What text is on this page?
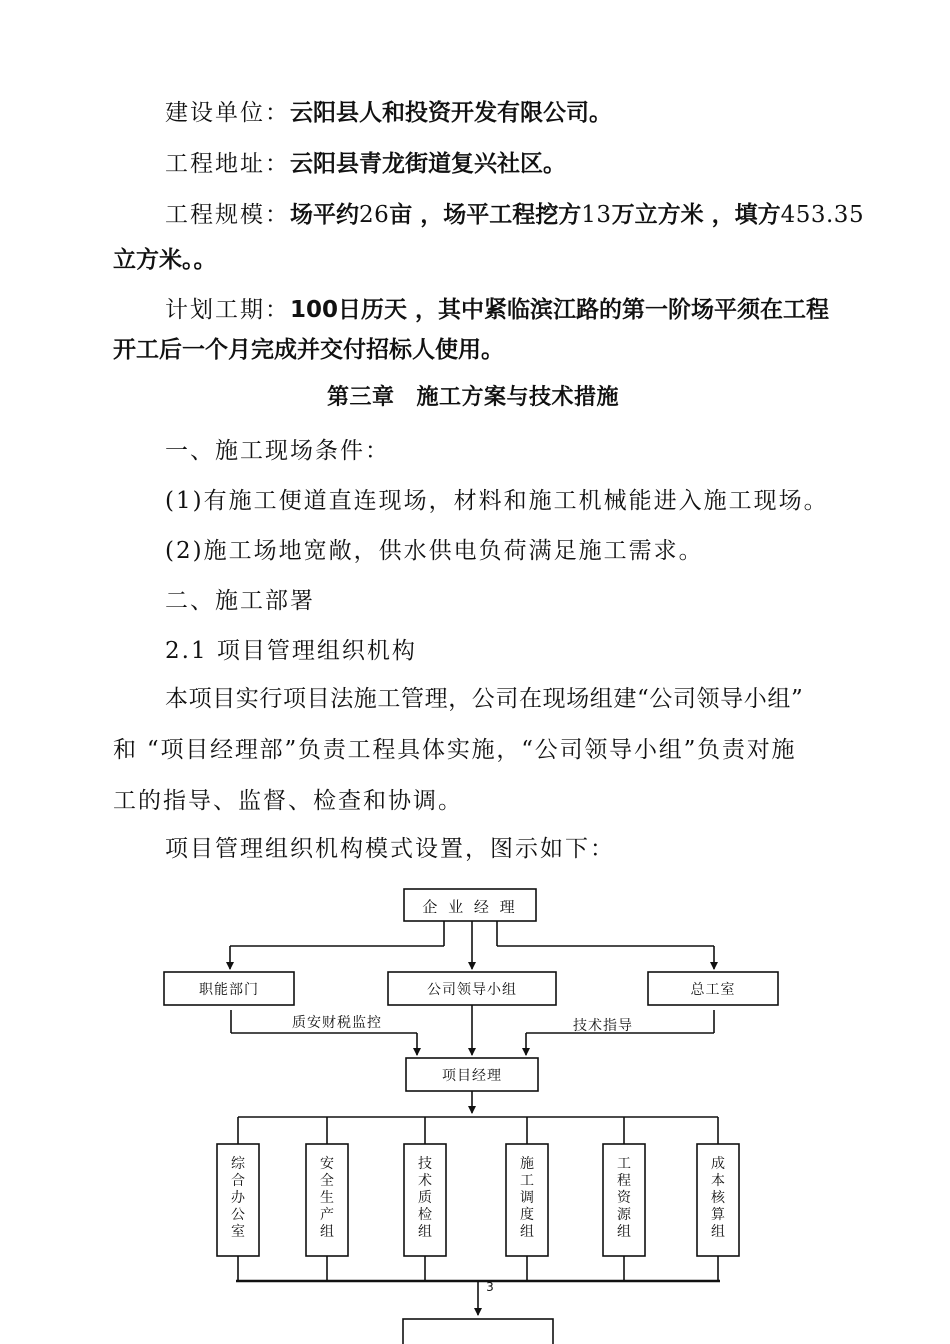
建设单位：云阳县人和投资开发有限公司。
工程地址：云阳县青龙街道复兴社区。
工程规模：场平约26亩 ，场平工程挖方13万立方米 ，填方453.35
立方米。。
计划工期：100日历天 ，其中紧临滨江路的第一阶场平须在工程
开工后一个月完成并交付招标人使用。
第三章 施工方案与技术措施
一、施工现场条件：
(1)有施工便道直连现场，材料和施工机械能进入施工现场。
(2)施工场地宽敞，供水供电负荷满足施工需求。
二、施工部署
2.1 项目管理组织机构
本项目实行项目法施工管理，公司在现场组建“公司领导小组”
和 “项目经理部”负责工程具体实施，“公司领导小组”负责对施
工的指导、监督、检查和协调。
项目管理组织机构模式设置，图示如下：
企 业 经 理
职能部门	公司领导小组	总工室
质安财税监控	技术指导
项目经理
综合办公室
安全生产组
技术质检组
施工调度组
工程资源组
成本核算组
3
